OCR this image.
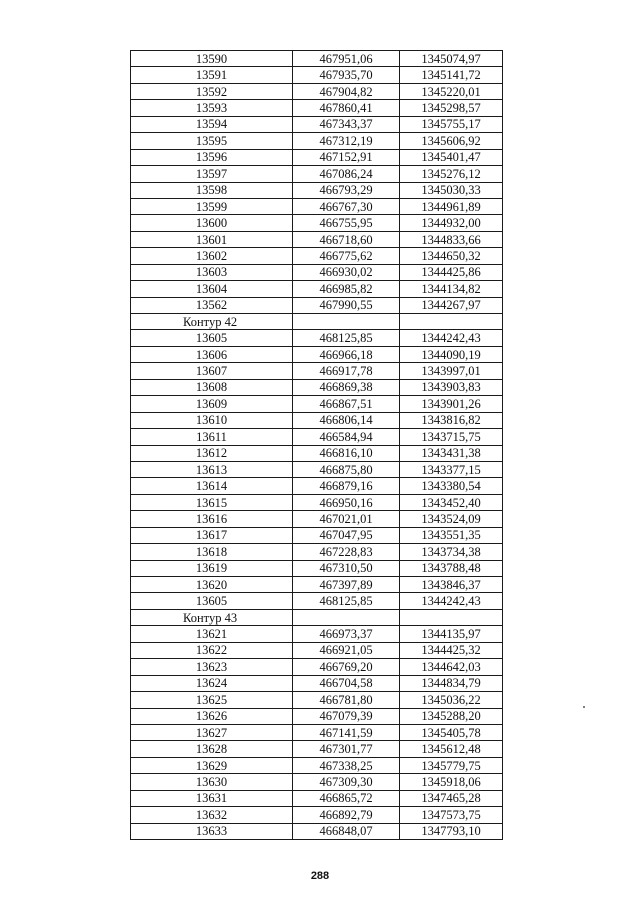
13590	467951,06	1345074,97
13591	467935,70	1345141,72
13592	467904,82	1345220,01
13593	467860,41	1345298,57
13594	467343,37	1345755,17
13595	467312,19	1345606,92
13596	467152,91	1345401,47
13597	467086,24	1345276,12
13598	466793,29	1345030,33
13599	466767,30	1344961,89
13600	466755,95	1344932,00
13601	466718,60	1344833,66
13602	466775,62	1344650,32
13603	466930,02	1344425,86
13604	466985,82	1344134,82
13562	467990,55	1344267,97
Контур 42		
13605	468125,85	1344242,43
13606	466966,18	1344090,19
13607	466917,78	1343997,01
13608	466869,38	1343903,83
13609	466867,51	1343901,26
13610	466806,14	1343816,82
13611	466584,94	1343715,75
13612	466816,10	1343431,38
13613	466875,80	1343377,15
13614	466879,16	1343380,54
13615	466950,16	1343452,40
13616	467021,01	1343524,09
13617	467047,95	1343551,35
13618	467228,83	1343734,38
13619	467310,50	1343788,48
13620	467397,89	1343846,37
13605	468125,85	1344242,43
Контур 43		
13621	466973,37	1344135,97
13622	466921,05	1344425,32
13623	466769,20	1344642,03
13624	466704,58	1344834,79
13625	466781,80	1345036,22
13626	467079,39	1345288,20
13627	467141,59	1345405,78
13628	467301,77	1345612,48
13629	467338,25	1345779,75
13630	467309,30	1345918,06
13631	466865,72	1347465,28
13632	466892,79	1347573,75
13633	466848,07	1347793,10
288
